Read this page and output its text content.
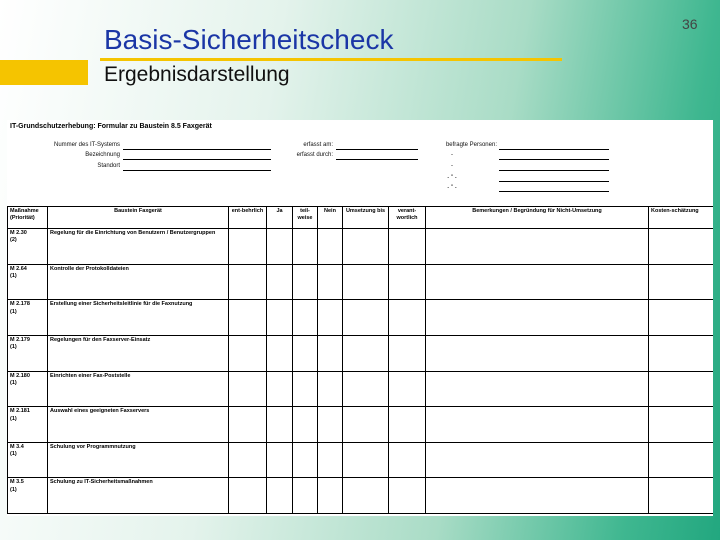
Basis-Sicherheitscheck
Ergebnisdarstellung
36
IT-Grundschutzerhebung: Formular zu Baustein 8.5 Faxgerät
Nummer des IT-Systems
Bezeichnung
Standort
erfasst am:
erfasst durch:
befragte Personen:
-
-
- " -
- " -
Maßnahme (Priorität)	Baustein Faxgerät	ent-behrlich	Ja	teil-weise	Nein	Umsetzung bis	verant-wortlich	Bemerkungen / Begründung für Nicht-Umsetzung	Kosten-schätzung
M 2.30
(2)	Regelung für die Einrichtung von Benutzern / Benutzergruppen								
M 2.64
(1)	Kontrolle der Protokolldateien								
M 2.178
(1)	Erstellung einer Sicherheitsleitlinie für die Faxnutzung								
M 2.179
(1)	Regelungen für den Faxserver-Einsatz								
M 2.180
(1)	Einrichten einer Fax-Poststelle								
M 2.181
(1)	Auswahl eines geeigneten Faxservers								
M 3.4
(1)	Schulung vor Programmnutzung								
M 3.5
(1)	Schulung zu IT-Sicherheitsmaßnahmen								
